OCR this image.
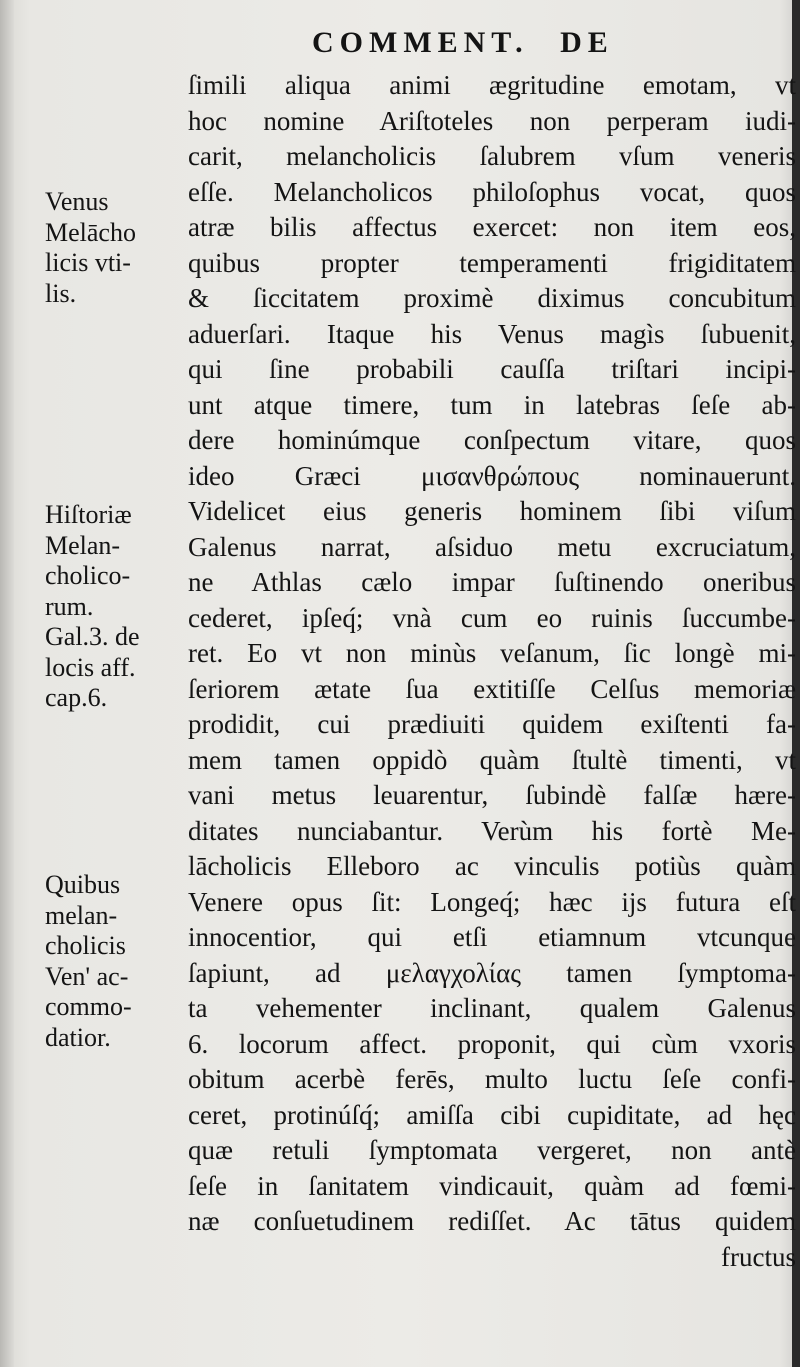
COMMENT. DE
Venus
Melācho
licis vti-
lis.
Hiſtoriæ
Melan-
cholico-
rum.
Gal.3. de
locis aff.
cap.6.
Quibus
melan-
cholicis
Ven' ac-
commo-
datior.
ſimili aliqua animi ægritudine emotam, vt
hoc nomine Ariſtoteles non perperam iudi-
carit, melancholicis ſalubrem vſum veneris
eſſe. Melancholicos philoſophus vocat, quos
atræ bilis affectus exercet: non item eos,
quibus propter temperamenti frigiditatem
& ſiccitatem proximè diximus concubitum
aduerſari. Itaque his Venus magìs ſubuenit,
qui ſine probabili cauſſa triſtari incipi-
unt atque timere, tum in latebras ſeſe ab-
dere hominúmque conſpectum vitare, quos
ideo Græci μισανθρώπους nominauerunt.
Videlicet eius generis hominem ſibi viſum
Galenus narrat, aſsiduo metu excruciatum,
ne Athlas cælo impar ſuſtinendo oneribus
cederet, ipſeq́; vnà cum eo ruinis ſuccumbe-
ret. Eo vt non minùs veſanum, ſic longè mi-
ſeriorem ætate ſua extitiſſe Celſus memoriæ
prodidit, cui prædiuiti quidem exiſtenti fa-
mem tamen oppidò quàm ſtultè timenti, vt
vani metus leuarentur, ſubindè falſæ hære-
ditates nunciabantur. Verùm his fortè Me-
lācholicis Elleboro ac vinculis potiùs quàm
Venere opus ſit: Longeq́; hæc ijs futura eſt
innocentior, qui etſi etiamnum vtcunque
ſapiunt, ad μελαγχολίας tamen ſymptoma-
ta vehementer inclinant, qualem Galenus
6. locorum affect. proponit, qui cùm vxoris
obitum acerbè ferēs, multo luctu ſeſe confi-
ceret, protinúſq́; amiſſa cibi cupiditate, ad hęc
quæ retuli ſymptomata vergeret, non antè
ſeſe in ſanitatem vindicauit, quàm ad fœmi-
næ conſuetudinem rediſſet. Ac tātus quidem
fructus
